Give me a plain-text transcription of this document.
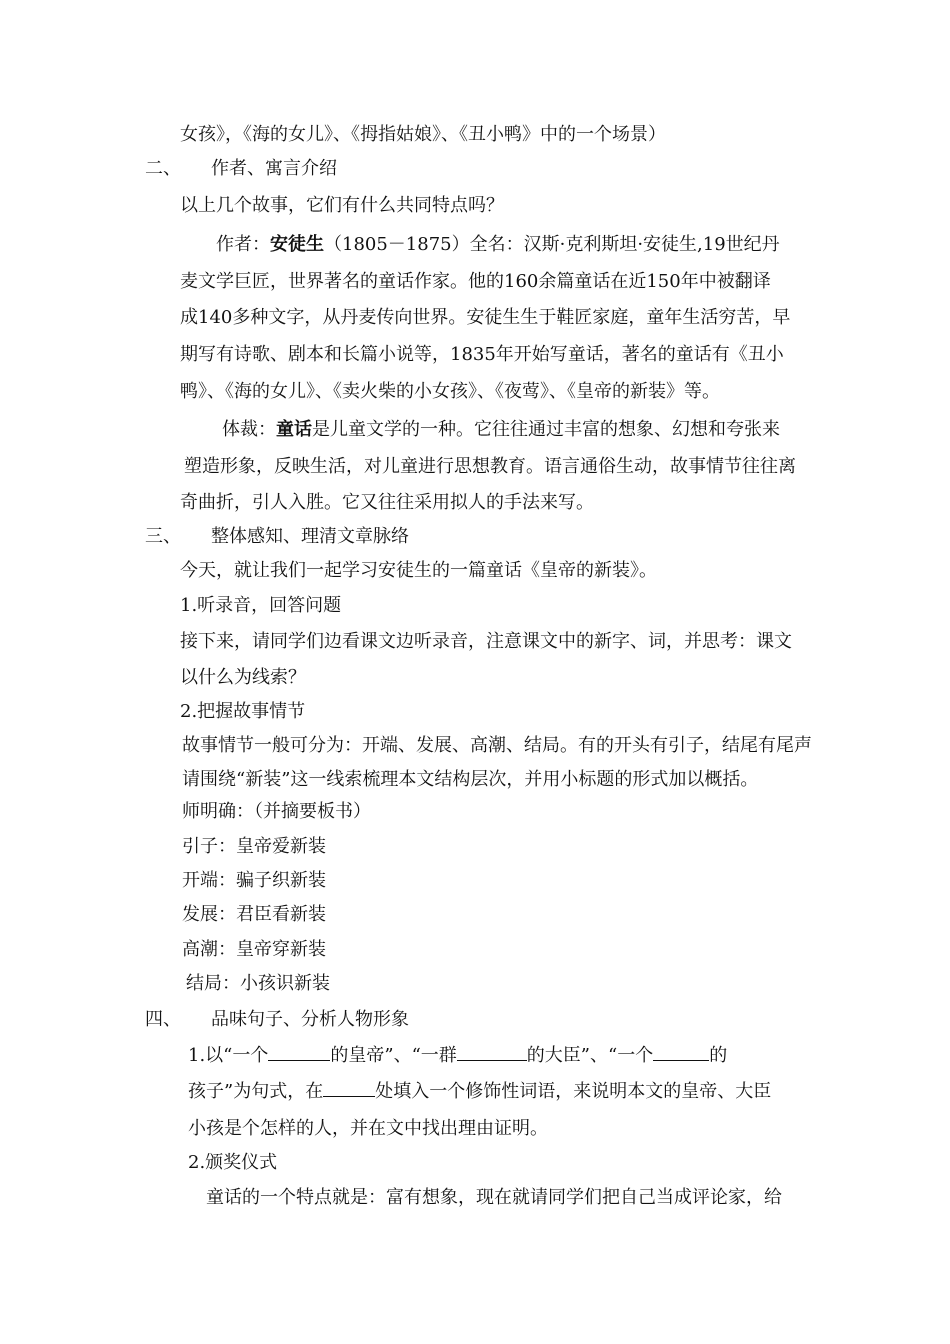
女孩》，《海的女儿》、《拇指姑娘》、《丑小鸭》中的一个场景）
二、 作者、寓言介绍
以上几个故事，它们有什么共同特点吗？
作者：安徒生（1805－1875）全名：汉斯·克利斯坦·安徒生,19世纪丹
麦文学巨匠，世界著名的童话作家。他的160余篇童话在近150年中被翻译
成140多种文字，从丹麦传向世界。安徒生生于鞋匠家庭，童年生活穷苦，早
期写有诗歌、剧本和长篇小说等，1835年开始写童话，著名的童话有《丑小
鸭》、《海的女儿》、《卖火柴的小女孩》、《夜莺》、《皇帝的新装》等。
体裁：童话是儿童文学的一种。它往往通过丰富的想象、幻想和夸张来
塑造形象，反映生活，对儿童进行思想教育。语言通俗生动，故事情节往往离
奇曲折，引人入胜。它又往往采用拟人的手法来写。
三、 整体感知、理清文章脉络
今天，就让我们一起学习安徒生的一篇童话《皇帝的新装》。
1.听录音，回答问题
接下来，请同学们边看课文边听录音，注意课文中的新字、词，并思考：课文
以什么为线索？
2.把握故事情节
故事情节一般可分为：开端、发展、高潮、结局。有的开头有引子，结尾有尾声
请围绕“新装”这一线索梳理本文结构层次，并用小标题的形式加以概括。
师明确：（并摘要板书）
引子：皇帝爱新装
开端：骗子织新装
发展：君臣看新装
高潮：皇帝穿新装
结局：小孩识新装
四、 品味句子、分析人物形象
1.以“一个	的皇帝”、“一群	的大臣”、“一个	的
孩子”为句式，在	处填入一个修饰性词语，来说明本文的皇帝、大臣
小孩是个怎样的人，并在文中找出理由证明。
2.颁奖仪式
童话的一个特点就是：富有想象，现在就请同学们把自己当成评论家，给
